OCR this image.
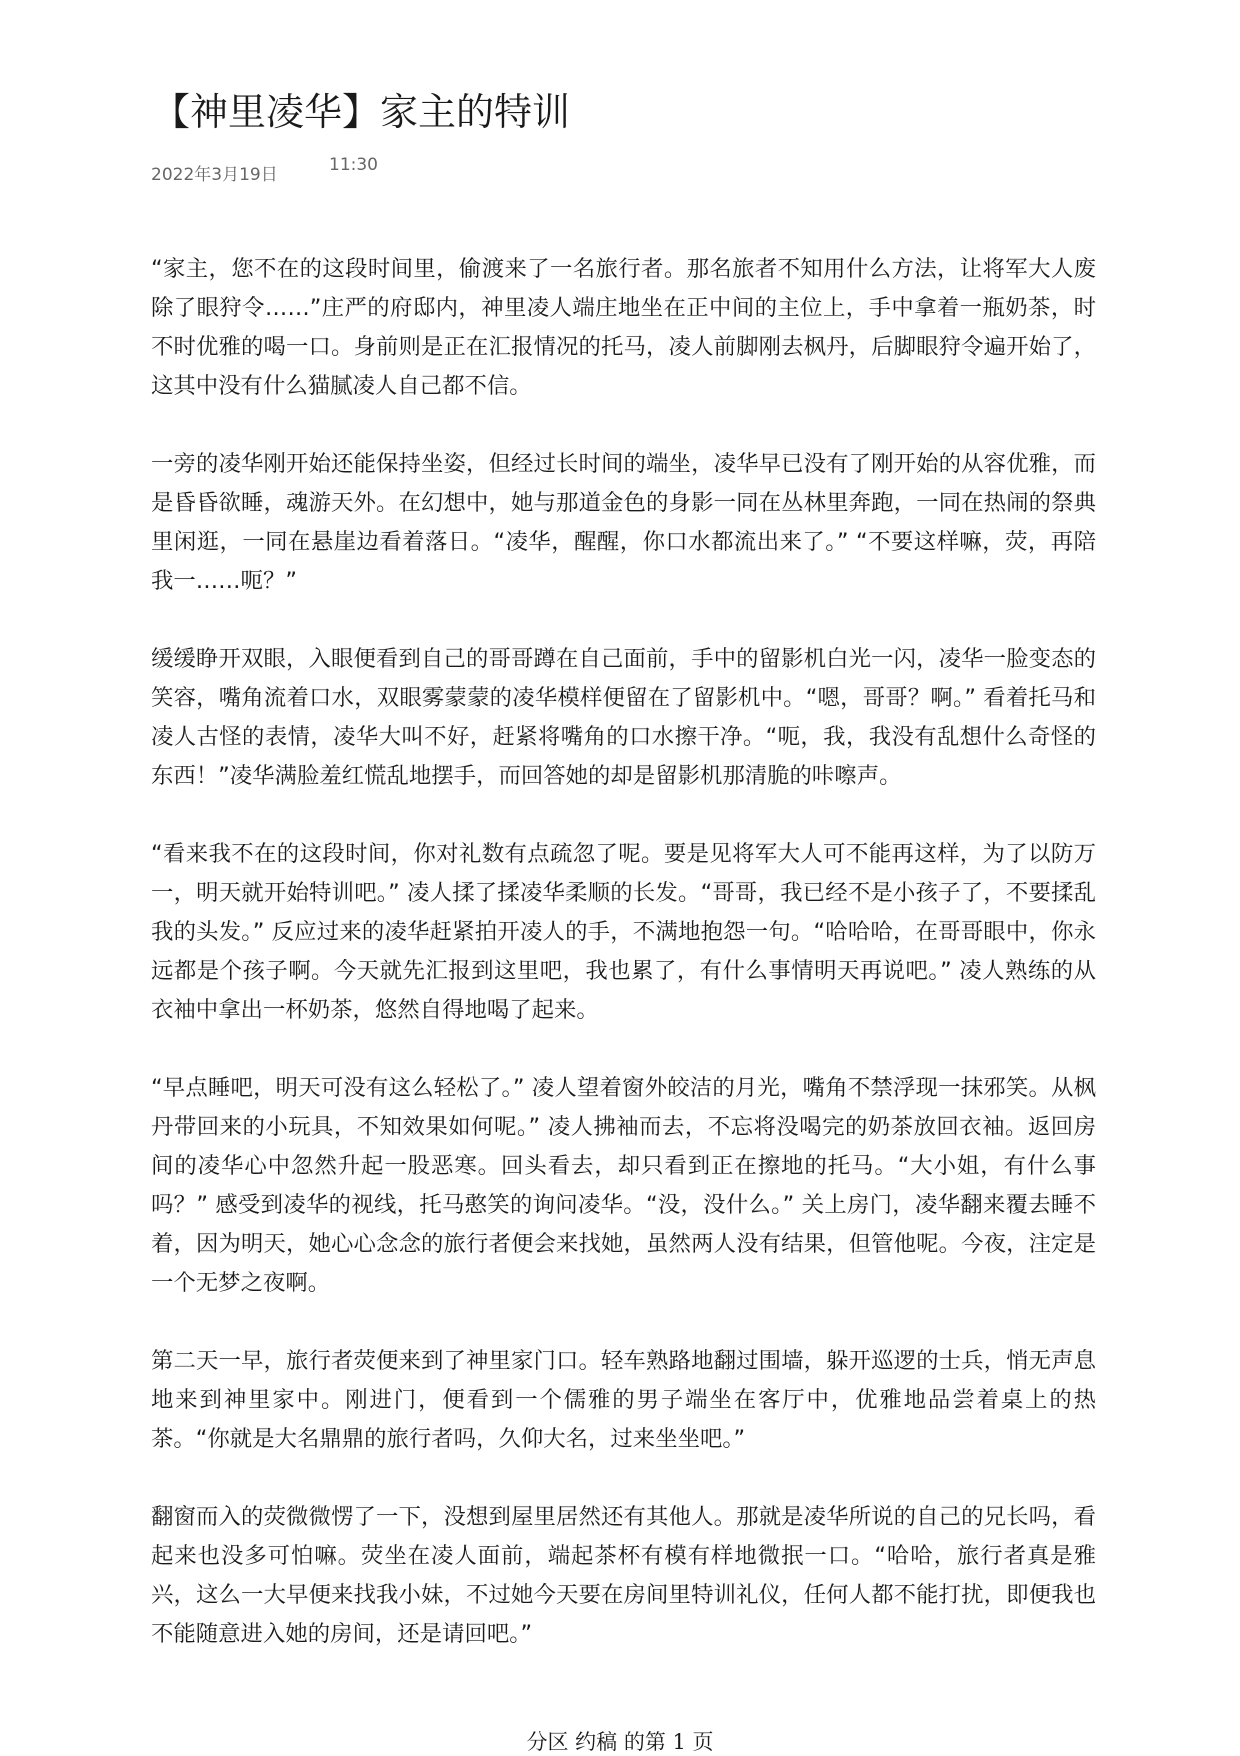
【神里凌华】家主的特训
2022年3月19日	11:30

“家主，您不在的这段时间里，偷渡来了一名旅行者。那名旅者不知用什么方法，让将军大人废除了眼狩令……”庄严的府邸内，神里凌人端庄地坐在正中间的主位上，手中拿着一瓶奶茶，时不时优雅的喝一口。身前则是正在汇报情况的托马，凌人前脚刚去枫丹，后脚眼狩令遍开始了，这其中没有什么猫腻凌人自己都不信。

一旁的凌华刚开始还能保持坐姿，但经过长时间的端坐，凌华早已没有了刚开始的从容优雅，而是昏昏欲睡，魂游天外。在幻想中，她与那道金色的身影一同在丛林里奔跑，一同在热闹的祭典里闲逛，一同在悬崖边看着落日。“凌华，醒醒，你口水都流出来了。” “不要这样嘛，荧，再陪我一……呃？”

缓缓睁开双眼，入眼便看到自己的哥哥蹲在自己面前，手中的留影机白光一闪，凌华一脸变态的笑容，嘴角流着口水，双眼雾蒙蒙的凌华模样便留在了留影机中。“嗯，哥哥？啊。” 看着托马和凌人古怪的表情，凌华大叫不好，赶紧将嘴角的口水擦干净。“呃，我，我没有乱想什么奇怪的东西！”凌华满脸羞红慌乱地摆手，而回答她的却是留影机那清脆的咔嚓声。

“看来我不在的这段时间，你对礼数有点疏忽了呢。要是见将军大人可不能再这样，为了以防万一，明天就开始特训吧。” 凌人揉了揉凌华柔顺的长发。“哥哥，我已经不是小孩子了，不要揉乱我的头发。” 反应过来的凌华赶紧拍开凌人的手，不满地抱怨一句。“哈哈哈，在哥哥眼中，你永远都是个孩子啊。今天就先汇报到这里吧，我也累了，有什么事情明天再说吧。” 凌人熟练的从衣袖中拿出一杯奶茶，悠然自得地喝了起来。

“早点睡吧，明天可没有这么轻松了。” 凌人望着窗外皎洁的月光，嘴角不禁浮现一抹邪笑。从枫丹带回来的小玩具，不知效果如何呢。” 凌人拂袖而去，不忘将没喝完的奶茶放回衣袖。返回房间的凌华心中忽然升起一股恶寒。回头看去，却只看到正在擦地的托马。“大小姐，有什么事吗？” 感受到凌华的视线，托马憨笑的询问凌华。“没，没什么。” 关上房门，凌华翻来覆去睡不着，因为明天，她心心念念的旅行者便会来找她，虽然两人没有结果，但管他呢。今夜，注定是一个无梦之夜啊。

第二天一早，旅行者荧便来到了神里家门口。轻车熟路地翻过围墙，躲开巡逻的士兵，悄无声息地来到神里家中。刚进门，便看到一个儒雅的男子端坐在客厅中，优雅地品尝着桌上的热茶。“你就是大名鼎鼎的旅行者吗，久仰大名，过来坐坐吧。”

翻窗而入的荧微微愣了一下，没想到屋里居然还有其他人。那就是凌华所说的自己的兄长吗，看起来也没多可怕嘛。荧坐在凌人面前，端起茶杯有模有样地微抿一口。“哈哈，旅行者真是雅兴，这么一大早便来找我小妹，不过她今天要在房间里特训礼仪，任何人都不能打扰，即便我也不能随意进入她的房间，还是请回吧。”

分区 约稿 的第 1 页
